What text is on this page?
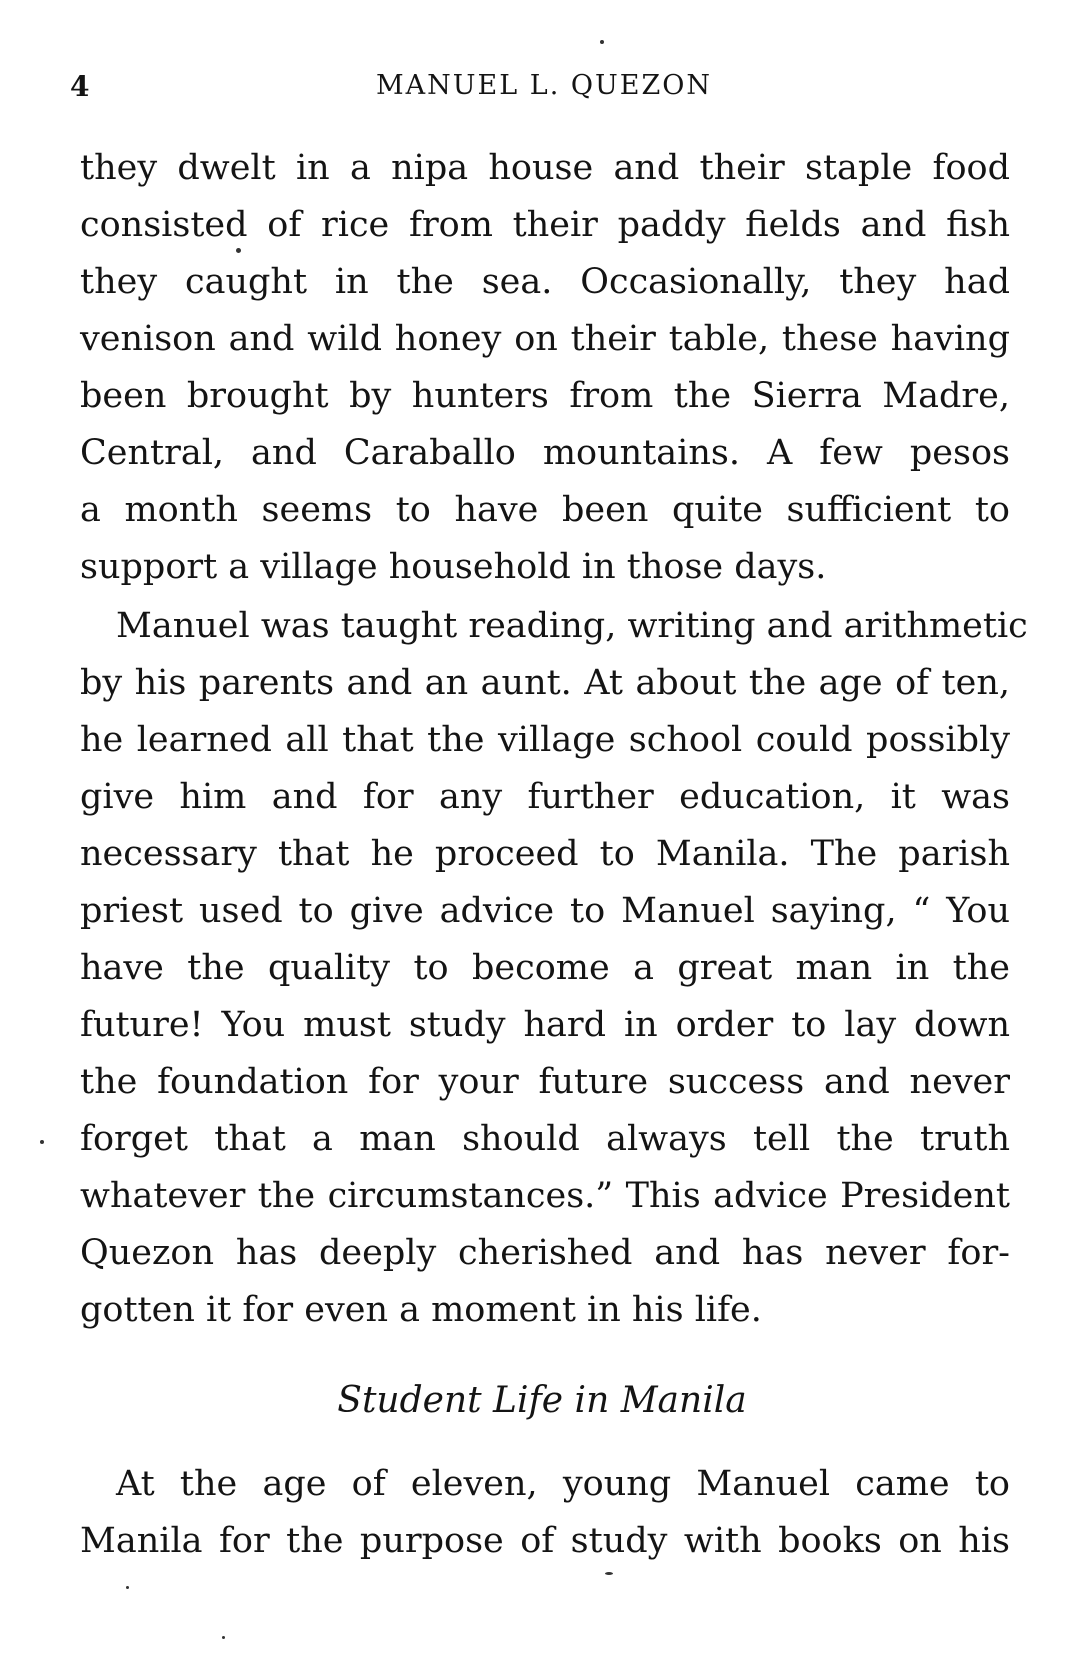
4	MANUEL L. QUEZON
they dwelt in a nipa house and their staple food
consisted of rice from their paddy fields and fish
they caught in the sea. Occasionally, they had
venison and wild honey on their table, these having
been brought by hunters from the Sierra Madre,
Central, and Caraballo mountains. A few pesos
a month seems to have been quite sufficient to
support a village household in those days.
Manuel was taught reading, writing and arithmetic
by his parents and an aunt. At about the age of ten,
he learned all that the village school could possibly
give him and for any further education, it was
necessary that he proceed to Manila. The parish
priest used to give advice to Manuel saying, “ You
have the quality to become a great man in the
future! You must study hard in order to lay down
the foundation for your future success and never
forget that a man should always tell the truth
whatever the circumstances.” This advice President
Quezon has deeply cherished and has never for-
gotten it for even a moment in his life.
Student Life in Manila
At the age of eleven, young Manuel came to
Manila for the purpose of study with books on his
